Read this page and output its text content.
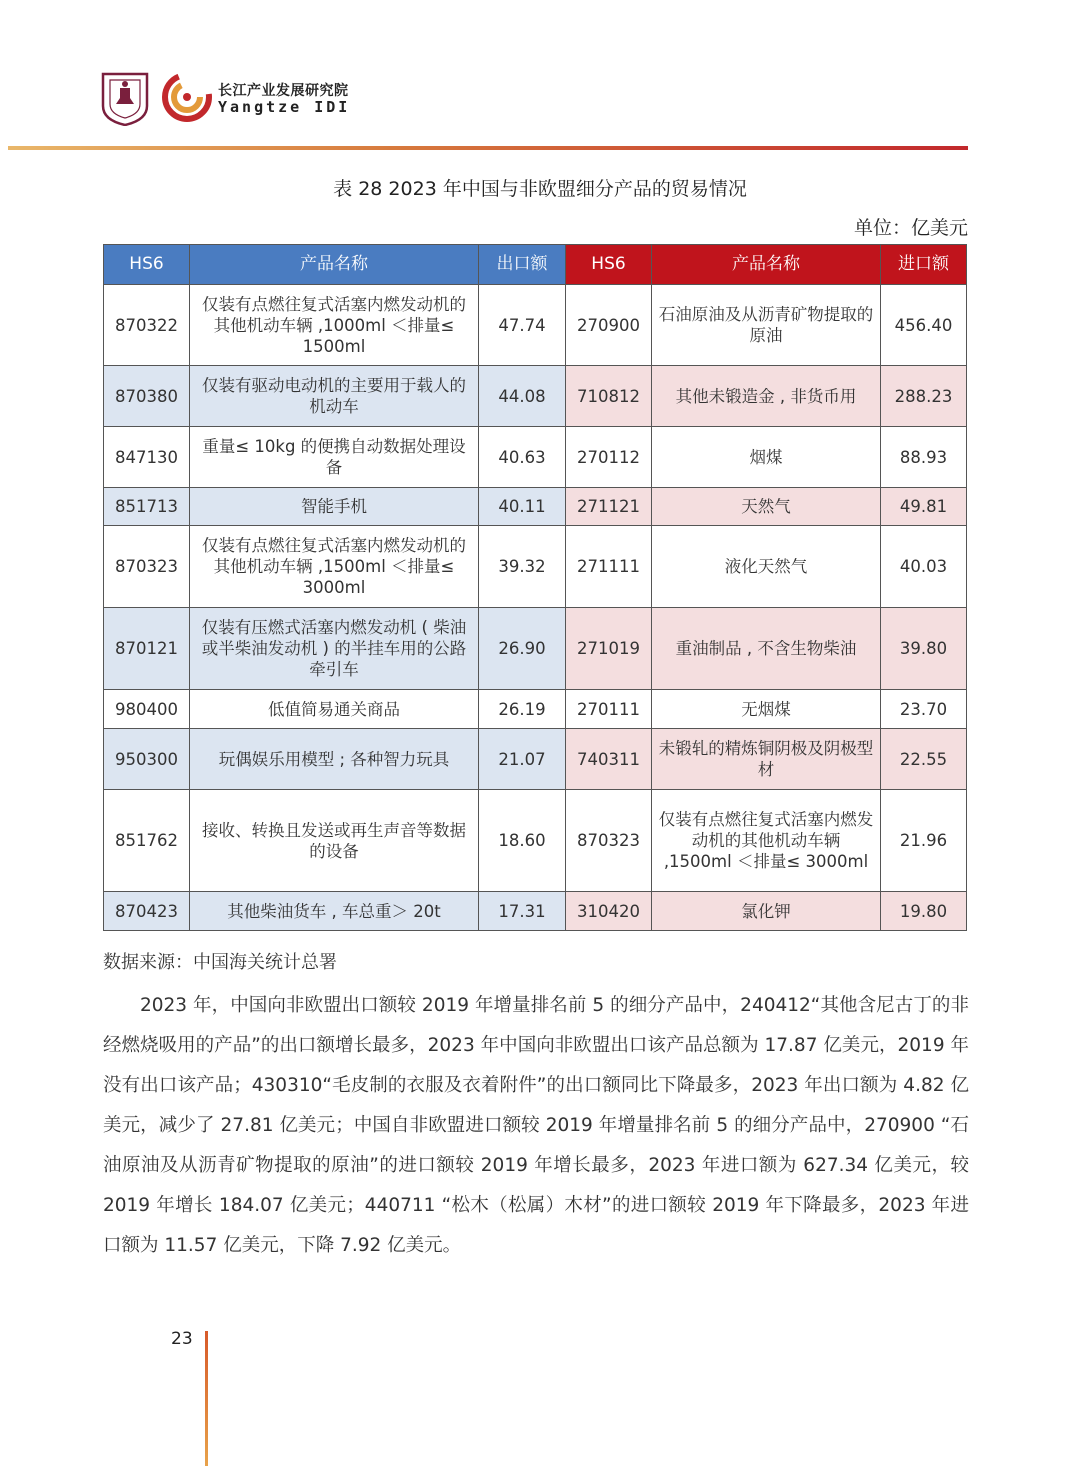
长江产业发展研究院
Yangtze IDI
表 28 2023 年中国与非欧盟细分产品的贸易情况
单位：亿美元
HS6	产品名称	出口额	HS6	产品名称	进口额
870322	仅装有点燃往复式活塞内燃发动机的其他机动车辆 ,1000ml ＜排量≤ 1500ml	47.74	270900	石油原油及从沥青矿物提取的原油	456.40
870380	仅装有驱动电动机的主要用于载人的机动车	44.08	710812	其他未锻造金 , 非货币用	288.23
847130	重量≤ 10kg 的便携自动数据处理设备	40.63	270112	烟煤	88.93
851713	智能手机	40.11	271121	天然气	49.81
870323	仅装有点燃往复式活塞内燃发动机的其他机动车辆 ,1500ml ＜排量≤ 3000ml	39.32	271111	液化天然气	40.03
870121	仅装有压燃式活塞内燃发动机 ( 柴油或半柴油发动机 ) 的半挂车用的公路牵引车	26.90	271019	重油制品 , 不含生物柴油	39.80
980400	低值简易通关商品	26.19	270111	无烟煤	23.70
950300	玩偶娱乐用模型 ; 各种智力玩具	21.07	740311	未锻轧的精炼铜阴极及阴极型材	22.55
851762	接收、转换且发送或再生声音等数据的设备	18.60	870323	仅装有点燃往复式活塞内燃发动机的其他机动车辆 ,1500ml ＜排量≤ 3000ml	21.96
870423	其他柴油货车 , 车总重＞ 20t	17.31	310420	氯化钾	19.80
数据来源：中国海关统计总署
2023 年，中国向非欧盟出口额较 2019 年增量排名前 5 的细分产品中，240412“其他含尼古丁的非经燃烧吸用的产品”的出口额增长最多，2023 年中国向非欧盟出口该产品总额为 17.87 亿美元，2019 年没有出口该产品；430310“毛皮制的衣服及衣着附件”的出口额同比下降最多，2023 年出口额为 4.82 亿美元，减少了 27.81 亿美元；中国自非欧盟进口额较 2019 年增量排名前 5 的细分产品中，270900 “石油原油及从沥青矿物提取的原油”的进口额较 2019 年增长最多，2023 年进口额为 627.34 亿美元，较 2019 年增长 184.07 亿美元；440711 “松木（松属）木材”的进口额较 2019 年下降最多，2023 年进口额为 11.57 亿美元，下降 7.92 亿美元。
23
